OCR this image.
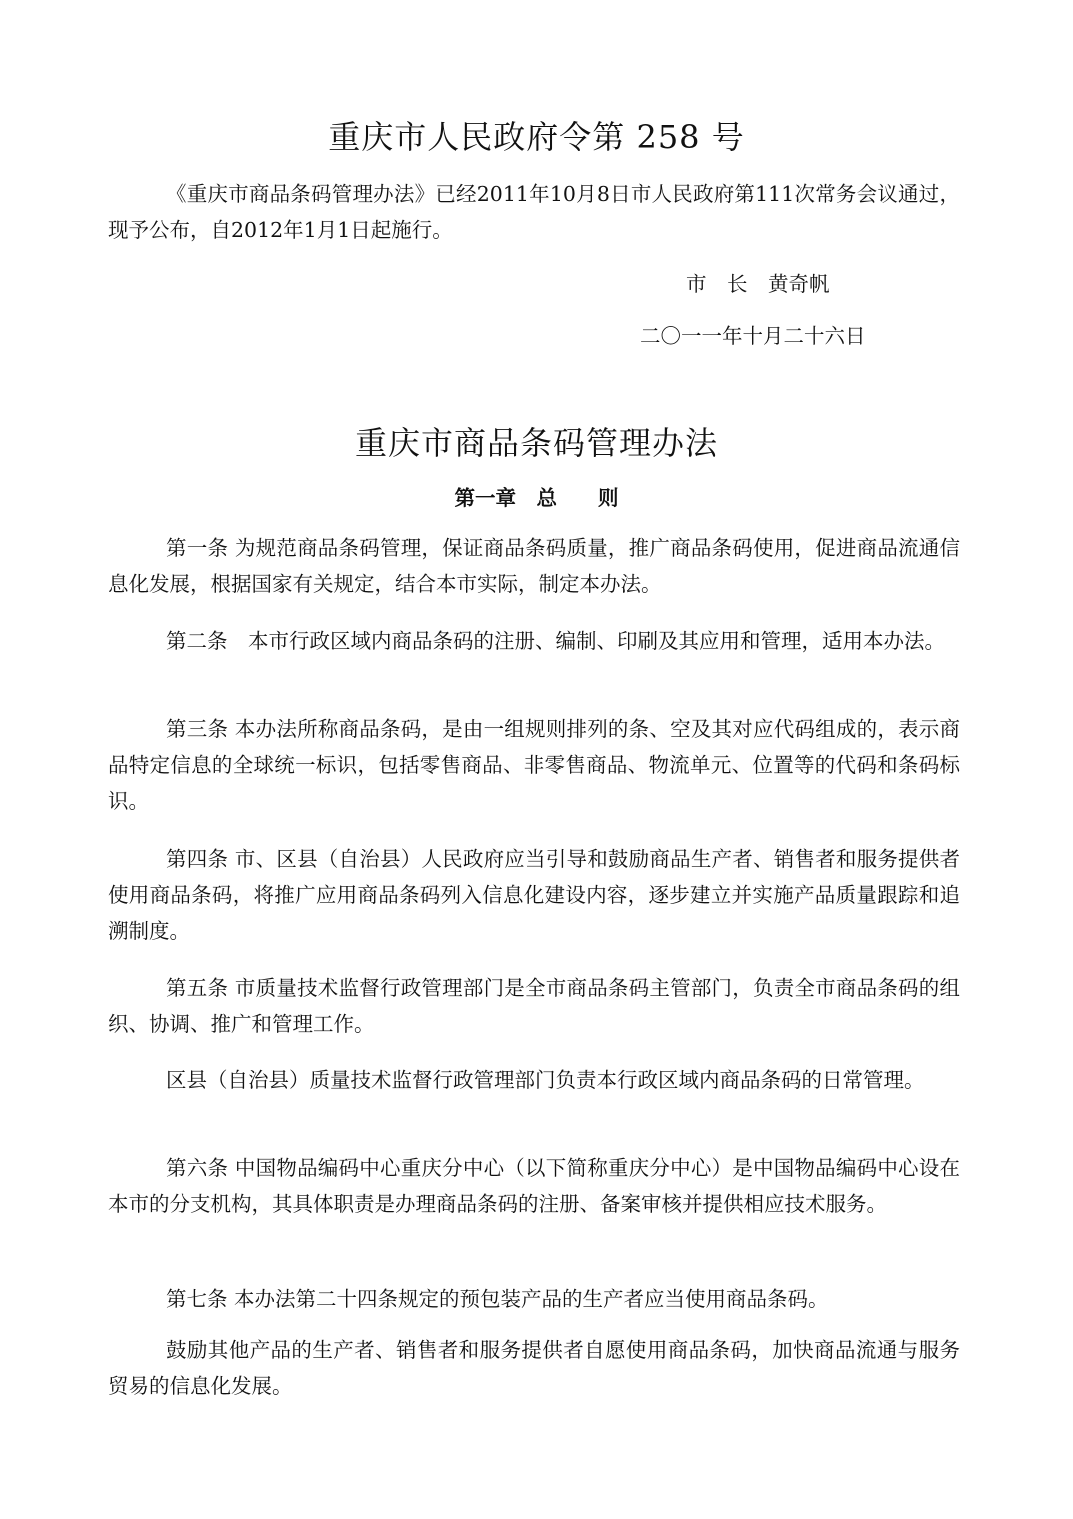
重庆市人民政府令第 258 号

《重庆市商品条码管理办法》已经2011年10月8日市人民政府第111次常务会议通过，现予公布，自2012年1月1日起施行。

市　长　黄奇帆
二〇一一年十月二十六日
重庆市商品条码管理办法
第一章　总　　则

第一条 为规范商品条码管理，保证商品条码质量，推广商品条码使用，促进商品流通信息化发展，根据国家有关规定，结合本市实际，制定本办法。

第二条　本市行政区域内商品条码的注册、编制、印刷及其应用和管理，适用本办法。

第三条 本办法所称商品条码，是由一组规则排列的条、空及其对应代码组成的，表示商品特定信息的全球统一标识，包括零售商品、非零售商品、物流单元、位置等的代码和条码标识。

第四条 市、区县（自治县）人民政府应当引导和鼓励商品生产者、销售者和服务提供者使用商品条码，将推广应用商品条码列入信息化建设内容，逐步建立并实施产品质量跟踪和追溯制度。

第五条 市质量技术监督行政管理部门是全市商品条码主管部门，负责全市商品条码的组织、协调、推广和管理工作。

区县（自治县）质量技术监督行政管理部门负责本行政区域内商品条码的日常管理。

第六条 中国物品编码中心重庆分中心（以下简称重庆分中心）是中国物品编码中心设在本市的分支机构，其具体职责是办理商品条码的注册、备案审核并提供相应技术服务。

第七条 本办法第二十四条规定的预包装产品的生产者应当使用商品条码。

鼓励其他产品的生产者、销售者和服务提供者自愿使用商品条码，加快商品流通与服务贸易的信息化发展。
